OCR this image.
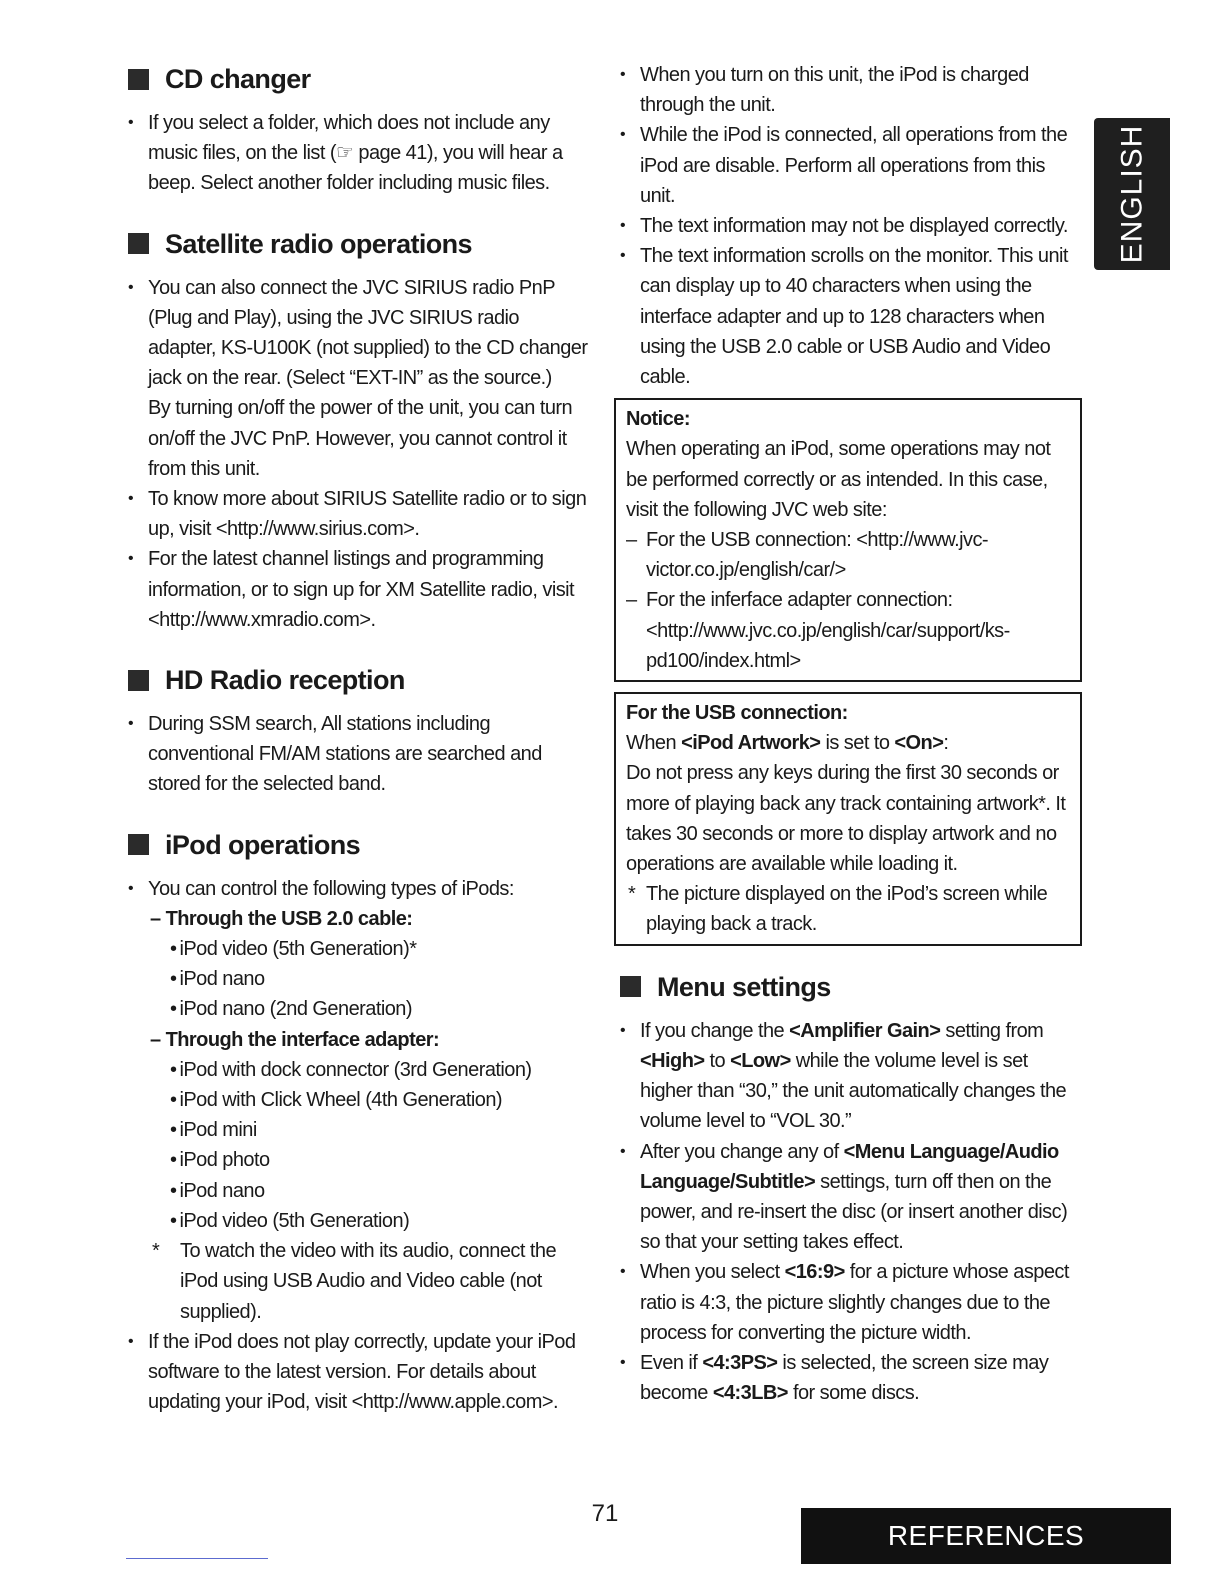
CD changer
• If you select a folder, which does not include any music files, on the list (☞ page 41), you will hear a beep. Select another folder including music files.
Satellite radio operations
• You can also connect the JVC SIRIUS radio PnP (Plug and Play), using the JVC SIRIUS radio adapter, KS-U100K (not supplied) to the CD changer jack on the rear. (Select “EXT-IN” as the source.)
By turning on/off the power of the unit, you can turn on/off the JVC PnP. However, you cannot control it from this unit.
• To know more about SIRIUS Satellite radio or to sign up, visit <http://www.sirius.com>.
• For the latest channel listings and programming information, or to sign up for XM Satellite radio, visit <http://www.xmradio.com>.
HD Radio reception
• During SSM search, All stations including conventional FM/AM stations are searched and stored for the selected band.
iPod operations
• You can control the following types of iPods:
– Through the USB 2.0 cable:
• iPod video (5th Generation)*
• iPod nano
• iPod nano (2nd Generation)
– Through the interface adapter:
• iPod with dock connector (3rd Generation)
• iPod with Click Wheel (4th Generation)
• iPod mini
• iPod photo
• iPod nano
• iPod video (5th Generation)
* To watch the video with its audio, connect the iPod using USB Audio and Video cable (not supplied).
• If the iPod does not play correctly, update your iPod software to the latest version. For details about updating your iPod, visit <http://www.apple.com>.
• When you turn on this unit, the iPod is charged through the unit.
• While the iPod is connected, all operations from the iPod are disable. Perform all operations from this unit.
• The text information may not be displayed correctly.
• The text information scrolls on the monitor. This unit can display up to 40 characters when using the interface adapter and up to 128 characters when using the USB 2.0 cable or USB Audio and Video cable.
Notice:
When operating an iPod, some operations may not be performed correctly or as intended. In this case, visit the following JVC web site:
– For the USB connection: <http://www.jvc-victor.co.jp/english/car/>
– For the inferface adapter connection: <http://www.jvc.co.jp/english/car/support/ks-pd100/index.html>
For the USB connection:
When <iPod Artwork> is set to <On>:
Do not press any keys during the first 30 seconds or more of playing back any track containing artwork*. It takes 30 seconds or more to display artwork and no operations are available while loading it.
* The picture displayed on the iPod’s screen while playing back a track.
Menu settings
• If you change the <Amplifier Gain> setting from <High> to <Low> while the volume level is set higher than “30,” the unit automatically changes the volume level to “VOL 30.”
• After you change any of <Menu Language/Audio Language/Subtitle> settings, turn off then on the power, and re-insert the disc (or insert another disc) so that your setting takes effect.
• When you select <16:9> for a picture whose aspect ratio is 4:3, the picture slightly changes due to the process for converting the picture width.
• Even if <4:3PS> is selected, the screen size may become <4:3LB> for some discs.
ENGLISH
71
REFERENCES
